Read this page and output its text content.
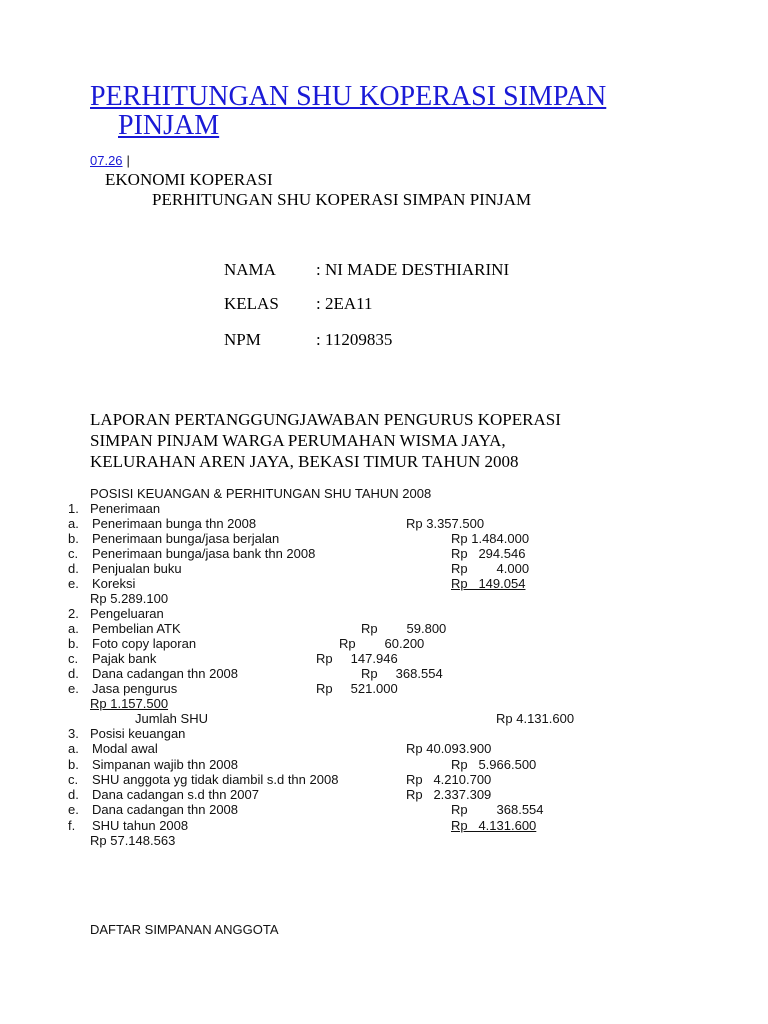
PERHITUNGAN SHU KOPERASI SIMPAN
PINJAM
07.26 |
EKONOMI KOPERASI
PERHITUNGAN SHU KOPERASI SIMPAN PINJAM
NAMA : NI MADE DESTHIARINI
KELAS : 2EA11
NPM	: 11209835
LAPORAN PERTANGGUNGJAWABAN PENGURUS KOPERASI
SIMPAN PINJAM WARGA PERUMAHAN WISMA JAYA,
KELURAHAN AREN JAYA, BEKASI TIMUR TAHUN 2008
POSISI KEUANGAN & PERHITUNGAN SHU TAHUN 2008
1. Penerimaan
a. Penerimaan bunga thn 2008	Rp 3.357.500
b. Penerimaan bunga/jasa berjalan	Rp 1.484.000
c. Penerimaan bunga/jasa bank thn 2008	Rp   294.546
d. Penjualan buku	Rp        4.000
e. Koreksi	Rp   149.054
Rp 5.289.100
2. Pengeluaran
a. Pembelian ATK	Rp        59.800
b. Foto copy laporan	Rp        60.200
c. Pajak bank	Rp     147.946
d. Dana cadangan thn 2008	Rp     368.554
e. Jasa pengurus	Rp     521.000
Rp 1.157.500
Jumlah SHU	Rp 4.131.600
3. Posisi keuangan
a. Modal awal	Rp 40.093.900
b. Simpanan wajib thn 2008	Rp   5.966.500
c. SHU anggota yg tidak diambil s.d thn 2008	Rp   4.210.700
d. Dana cadangan s.d thn 2007	Rp   2.337.309
e. Dana cadangan thn 2008	Rp        368.554
f. SHU tahun 2008	Rp   4.131.600
Rp 57.148.563
DAFTAR SIMPANAN ANGGOTA
